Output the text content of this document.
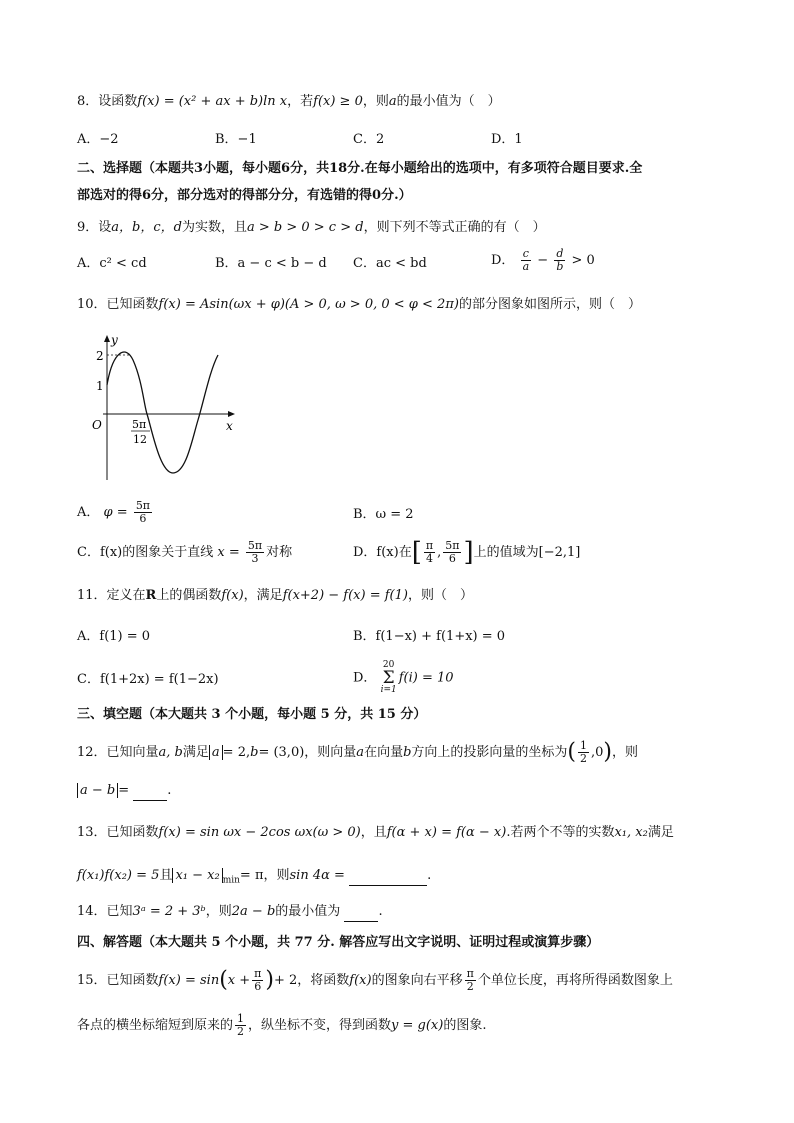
8．设函数f(x) = (x² + ax + b)ln x，若f(x) ≥ 0，则a的最小值为（　）
A．−2	B．−1	C．2	D．1
二、选择题（本题共3小题，每小题6分，共18分.在每小题给出的选项中，有多项符合题目要求.全
部选对的得6分，部分选对的得部分分，有选错的得0分.）
9．设a，b，c，d为实数，且a > b > 0 > c > d，则下列不等式正确的有（　）
A．c² < cd	B．a − c < b − d C．ac < bd	D． $\frac{c}{a} - \frac{d}{b} > 0$
10．已知函数f(x) = Asin(ωx + φ)(A > 0, ω > 0, 0 < φ < 2π)的部分图象如图所示，则（　）
y
x
O
2
1
5π
12
A． $\varphi = \frac{5\pi}{6}$	B．ω = 2
C．f(x)的图象关于直线 $x = \frac{5\pi}{3}$ 对称	D．f(x)在[ $\frac{\pi}{4}$ , $\frac{5\pi}{6}$ ]上的值域为[−2,1]
11．定义在R上的偶函数f(x)，满足f(x+2) − f(x) = f(1)，则（　）
A．f(1) = 0	B．f(1−x) + f(1+x) = 0
C．f(1+2x) = f(1−2x)	D．
20
Σ
i=1
f(i) = 10
三、填空题（本大题共 3 个小题，每小题 5 分，共 15 分）
12．已知向量a, b满足 a = 2,b= (3,0)，则向量a在向量b方向上的投影向量的坐标为( $\frac{1}{2} ,0$)，则
a − b =	.
13．已知函数f(x) = sin ωx − 2cos ωx(ω > 0)，且f(α + x) = f(α − x).若两个不等的实数x₁, x₂满足
f(x₁)f(x₂) = 5且 x₁ − x₂ $_{min}$= π，则sin 4α =	.
14．已知3ᵃ = 2 + 3ᵇ，则2a − b的最小值为	.
四、解答题（本大题共 5 个小题，共 77 分. 解答应写出文字说明、证明过程或演算步骤）
15．已知函数$f(x) = \sin(x + \frac{\pi}{6}$ )+ 2，将函数f(x)的图象向右平移 $\frac{\pi}{2}$ 个单位长度，再将所得函数图象上
各点的横坐标缩短到原来的 $\frac{1}{2}$ ，纵坐标不变，得到函数y = g(x)的图象.
